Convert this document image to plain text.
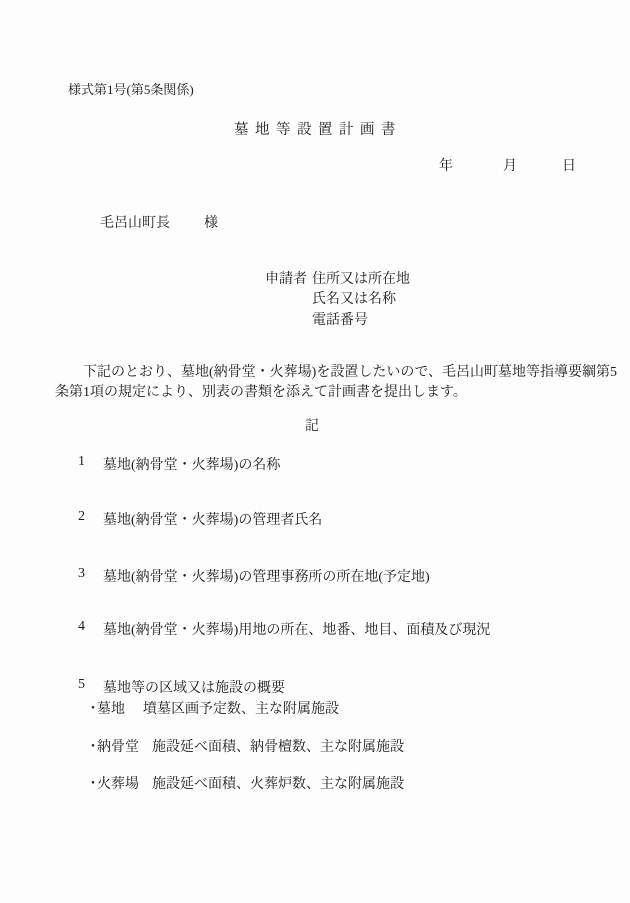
様式第1号(第5条関係)
墓地等設置計画書
年	月	日
毛呂山町長 様
申請者 住所又は所在地
氏名又は名称
電話番号
下記のとおり、墓地(納骨堂・火葬場)を設置したいので、毛呂山町墓地等指導要綱第5
条第1項の規定により、別表の書類を添えて計画書を提出します。
記
1 墓地(納骨堂・火葬場)の名称
2 墓地(納骨堂・火葬場)の管理者氏名
3 墓地(納骨堂・火葬場)の管理事務所の所在地(予定地)
4 墓地(納骨堂・火葬場)用地の所在、地番、地目、面積及び現況
5 墓地等の区域又は施設の概要
・
墓地 墳墓区画予定数、主な附属施設
・
納骨堂 施設延べ面積、納骨檀数、主な附属施設
・
火葬場 施設延べ面積、火葬炉数、主な附属施設
